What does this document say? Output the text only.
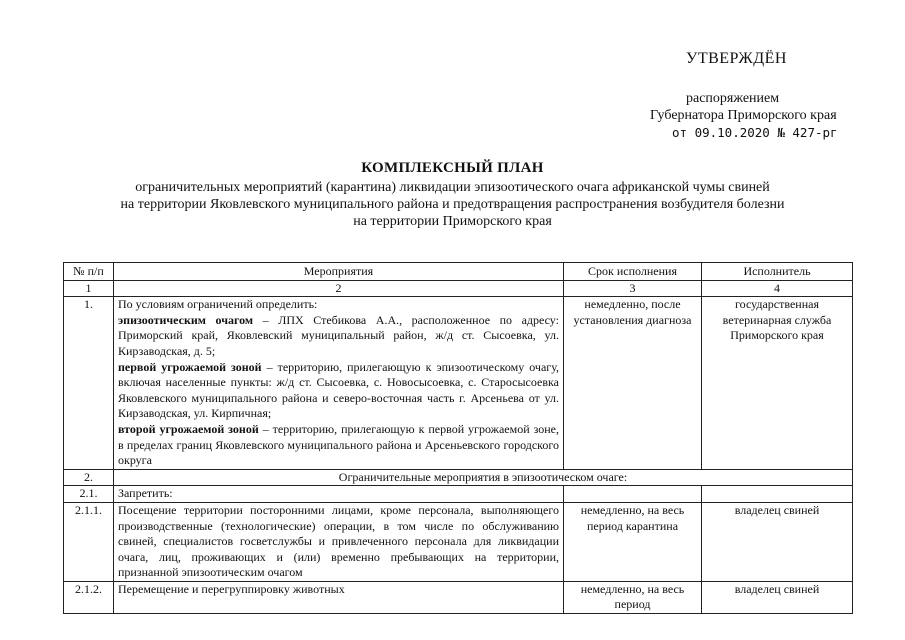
УТВЕРЖДЁН
распоряжением
Губернатора Приморского края
от 09.10.2020 № 427-рг
КОМПЛЕКСНЫЙ ПЛАН
ограничительных мероприятий (карантина) ликвидации эпизоотического очага африканской чумы свиней
на территории Яковлевского муниципального района и предотвращения распространения возбудителя болезни
на территории Приморского края
№ п/п	Мероприятия	Срок исполнения	Исполнитель
1	2	3	4
1.	По условиям ограничений определить:
эпизоотическим очагом – ЛПХ Стебикова А.А., расположенное по адресу: Приморский край, Яковлевский муниципальный район, ж/д ст. Сысоевка, ул. Кирзаводская, д. 5;
первой угрожаемой зоной – территорию, прилегающую к эпизоотическому очагу, включая населенные пункты: ж/д ст. Сысоевка, с. Новосысоевка, с. Старосысоевка Яковлевского муниципального района и северо-восточная часть г. Арсеньева от ул. Кирзаводская, ул. Кирпичная;
второй угрожаемой зоной – территорию, прилегающую к первой угрожаемой зоне, в пределах границ Яковлевского муниципального района и Арсеньевского городского округа	немедленно, после установления диагноза	государственная ветеринарная служба Приморского края
2.	Ограничительные мероприятия в эпизоотическом очаге:		
2.1.	Запретить:		
2.1.1.	Посещение территории посторонними лицами, кроме персонала, выполняющего производственные (технологические) операции, в том числе по обслуживанию свиней, специалистов госветслужбы и привлеченного персонала для ликвидации очага, лиц, проживающих и (или) временно пребывающих на территории, признанной эпизоотическим очагом	немедленно, на весь период карантина	владелец свиней
2.1.2.	Перемещение и перегруппировку животных	немедленно, на весь период	владелец свиней
